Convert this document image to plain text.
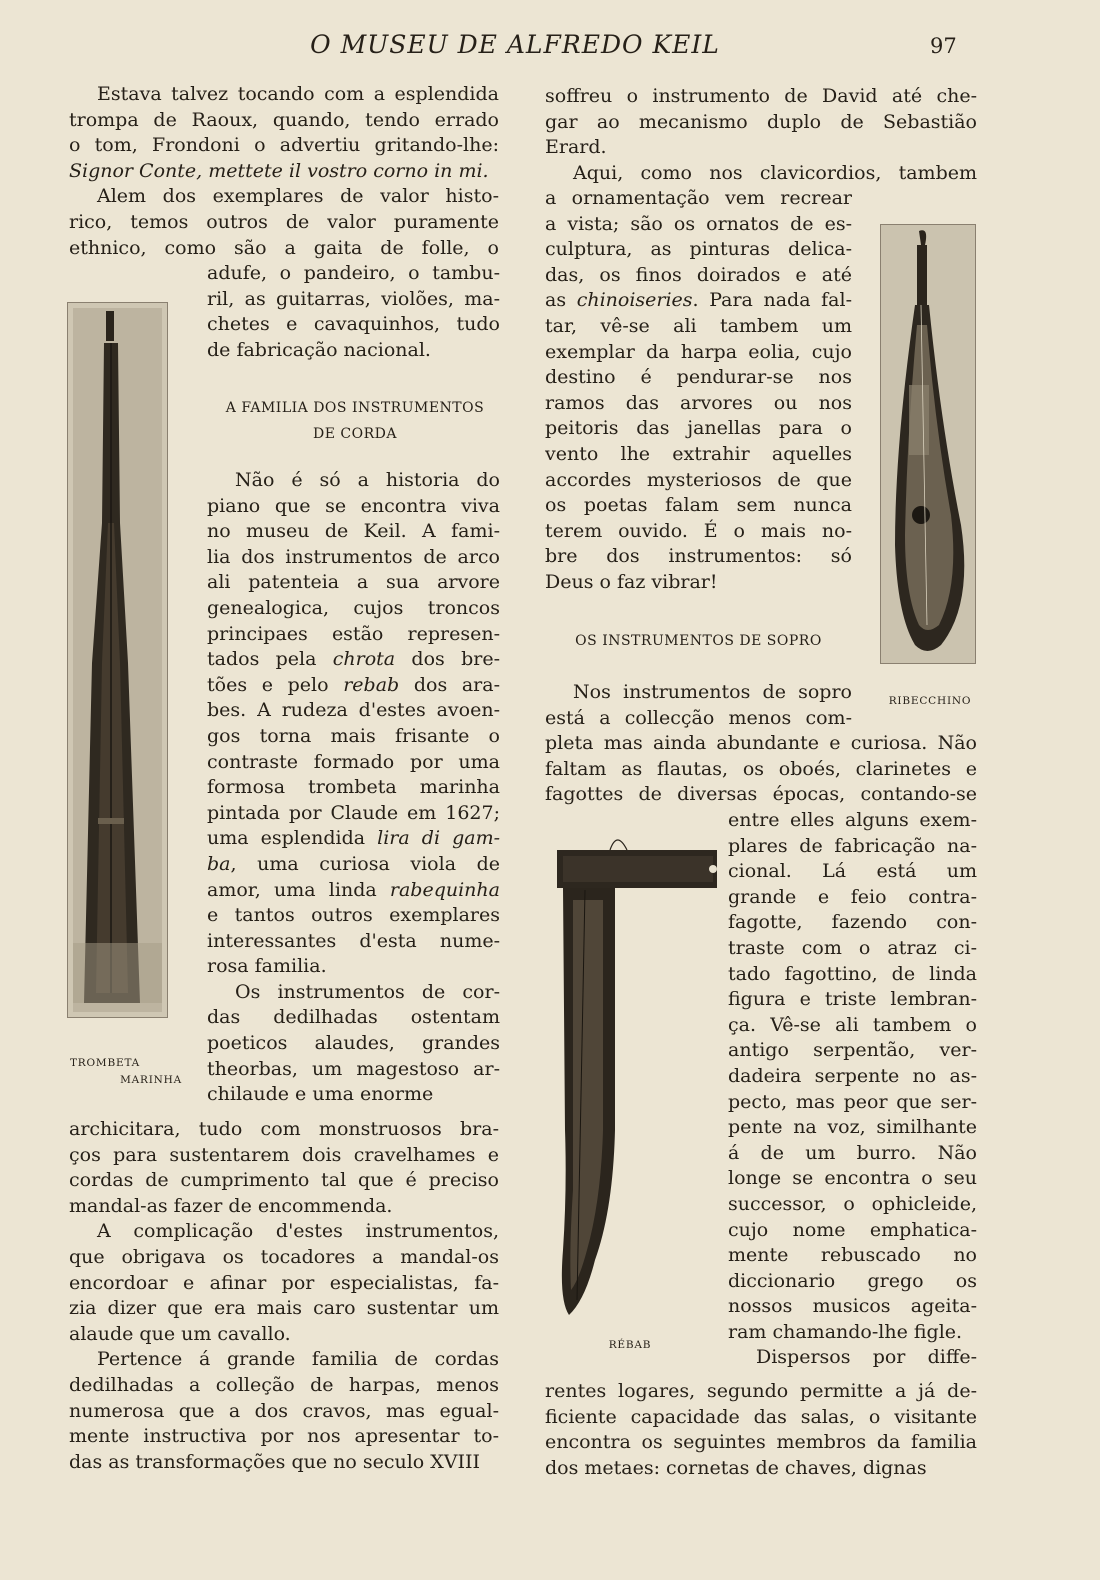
O MUSEU DE ALFREDO KEIL	97
Estava talvez tocando com a esplendida
trompa de Raoux, quando, tendo errado
o tom, Frondoni o advertiu gritando-lhe:
Signor Conte, mettete il vostro corno in mi.
Alem dos exemplares de valor histo-
rico, temos outros de valor puramente
ethnico, como são a gaita de folle, o
adufe, o pandeiro, o tambu-
ril, as guitarras, violões, ma-
chetes e cavaquinhos, tudo
de fabricação nacional.
A FAMILIA DOS INSTRUMENTOS
DE CORDA
Não é só a historia do
piano que se encontra viva
no museu de Keil. A fami-
lia dos instrumentos de arco
ali patenteia a sua arvore
genealogica, cujos troncos
principaes estão represen-
tados pela chrota dos bre-
tões e pelo rebab dos ara-
bes. A rudeza d'estes avoen-
gos torna mais frisante o
contraste formado por uma
formosa trombeta marinha
pintada por Claude em 1627;
uma esplendida lira di gam-
ba, uma curiosa viola de
amor, uma linda rabequinha
e tantos outros exemplares
interessantes d'esta nume-
rosa familia.
Os instrumentos de cor-
das dedilhadas ostentam
poeticos alaudes, grandes
theorbas, um magestoso ar-
chilaude e uma enorme
archicitara, tudo com monstruosos bra-
ços para sustentarem dois cravelhames e
cordas de cumprimento tal que é preciso
mandal-as fazer de encommenda.
A complicação d'estes instrumentos,
que obrigava os tocadores a mandal-os
encordoar e afinar por especialistas, fa-
zia dizer que era mais caro sustentar um
alaude que um cavallo.
Pertence á grande familia de cordas
dedilhadas a colleção de harpas, menos
numerosa que a dos cravos, mas egual-
mente instructiva por nos apresentar to-
das as transformações que no seculo XVIII
TROMBETA
MARINHA
soffreu o instrumento de David até che-
gar ao mecanismo duplo de Sebastião
Erard.
Aqui, como nos clavicordios, tambem
a ornamentação vem recrear
a vista; são os ornatos de es-
culptura, as pinturas delica-
das, os finos doirados e até
as chinoiseries. Para nada fal-
tar, vê-se ali tambem um
exemplar da harpa eolia, cujo
destino é pendurar-se nos
ramos das arvores ou nos
peitoris das janellas para o
vento lhe extrahir aquelles
accordes mysteriosos de que
os poetas falam sem nunca
terem ouvido. É o mais no-
bre dos instrumentos: só
Deus o faz vibrar!
OS INSTRUMENTOS DE SOPRO
Nos instrumentos de sopro
está a collecção menos com-
pleta mas ainda abundante e curiosa. Não
faltam as flautas, os oboés, clarinetes e
fagottes de diversas épocas, contando-se
entre elles alguns exem-
plares de fabricação na-
cional. Lá está um
grande e feio contra-
fagotte, fazendo con-
traste com o atraz ci-
tado fagottino, de linda
figura e triste lembran-
ça. Vê-se ali tambem o
antigo serpentão, ver-
dadeira serpente no as-
pecto, mas peor que ser-
pente na voz, similhante
á de um burro. Não
longe se encontra o seu
successor, o ophicleide,
cujo nome emphatica-
mente rebuscado no
diccionario grego os
nossos musicos ageita-
ram chamando-lhe figle.
Dispersos por diffe-
rentes logares, segundo permitte a já de-
ficiente capacidade das salas, o visitante
encontra os seguintes membros da familia
dos metaes: cornetas de chaves, dignas
RIBECCHINO
RÉBAB
